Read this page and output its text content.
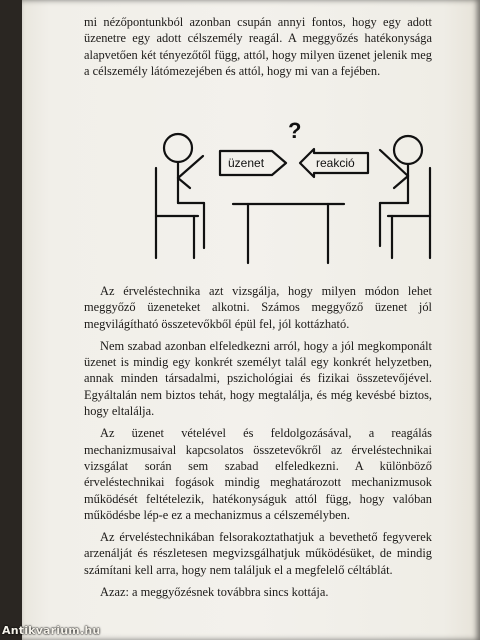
mi nézőpontunkból azonban csupán annyi fontos, hogy egy adott üzenetre egy adott célszemély reagál. A meggyőzés hatékonysága alapvetően két tényezőtől függ, attól, hogy milyen üzenet jelenik meg a célszemély látómezejében és attól, hogy mi van a fejében.

üzenet	reakció
?

Az érveléstechnika azt vizsgálja, hogy milyen módon lehet meggyőző üzeneteket alkotni. Számos meggyőző üzenet jól megvilágítható összetevőkből épül fel, jól kottázható.

Nem szabad azonban elfeledkezni arról, hogy a jól megkomponált üzenet is mindig egy konkrét személyt talál egy konkrét helyzetben, annak minden társadalmi, pszichológiai és fizikai összetevőjével. Egyáltalán nem biztos tehát, hogy megtalálja, és még kevésbé biztos, hogy eltalálja.

Az üzenet vételével és feldolgozásával, a reagálás mechanizmusaival kapcsolatos összetevőkről az érveléstechnikai vizsgálat során sem szabad elfeledkezni. A különböző érveléstechnikai fogások mindig meghatározott mechanizmusok működését feltételezik, hatékonyságuk attól függ, hogy valóban működésbe lép-e ez a mechanizmus a célszemélyben.

Az érveléstechnikában felsorakoztathatjuk a bevethető fegyverek arzenálját és részletesen megvizsgálhatjuk működésüket, de mindig számítani kell arra, hogy nem találjuk el a megfelelő céltáblát.

Azaz: a meggyőzésnek továbbra sincs kottája.

Antikvarium.hu
